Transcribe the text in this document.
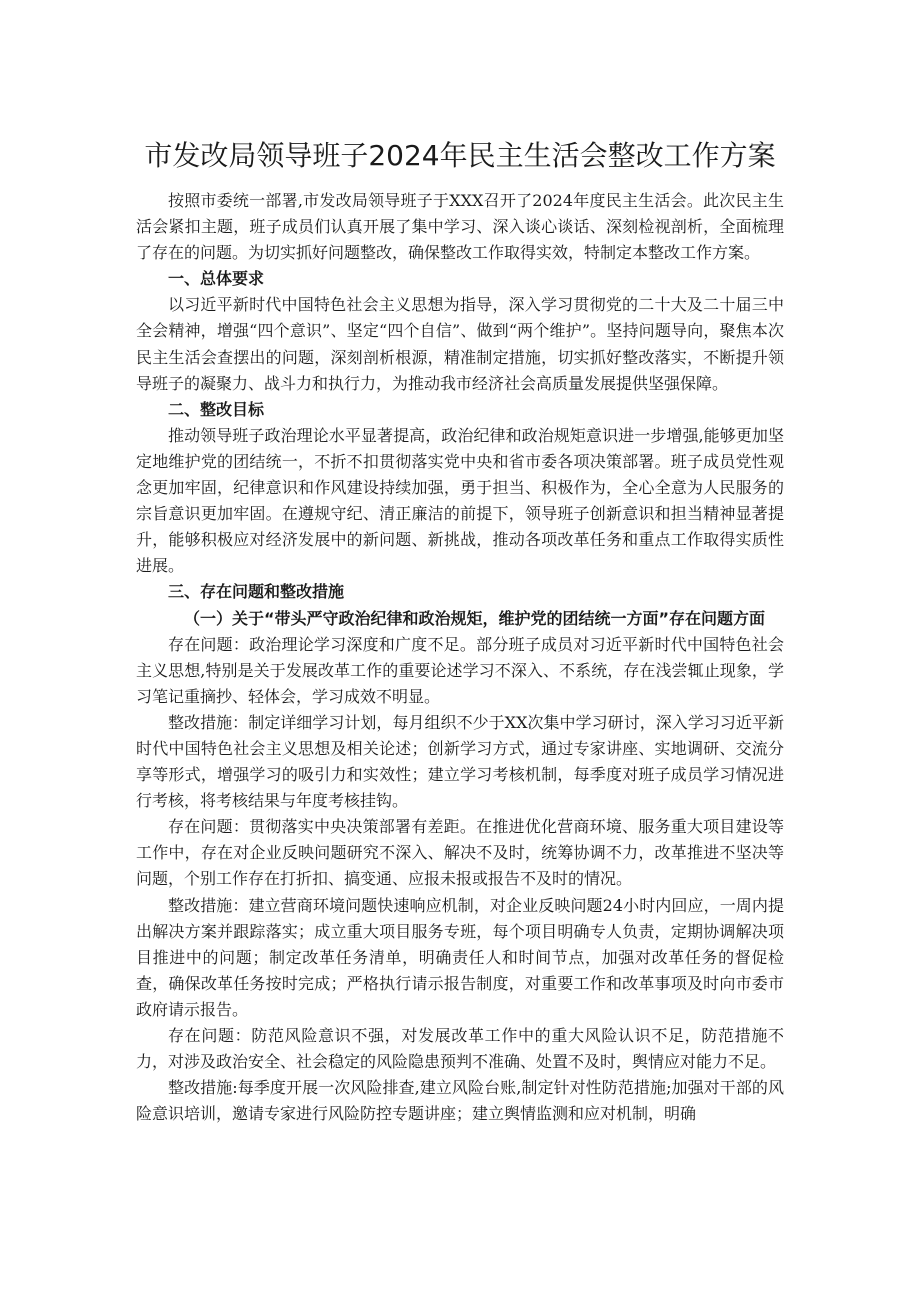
市发改局领导班子2024年民主生活会整改工作方案

按照市委统一部署,市发改局领导班子于XXX召开了2024年度民主生活会。此次民主生活会紧扣主题，班子成员们认真开展了集中学习、深入谈心谈话、深刻检视剖析，全面梳理了存在的问题。为切实抓好问题整改，确保整改工作取得实效，特制定本整改工作方案。

一、总体要求

以习近平新时代中国特色社会主义思想为指导，深入学习贯彻党的二十大及二十届三中全会精神，增强“四个意识”、坚定“四个自信”、做到“两个维护”。坚持问题导向，聚焦本次民主生活会查摆出的问题，深刻剖析根源，精准制定措施，切实抓好整改落实，不断提升领导班子的凝聚力、战斗力和执行力，为推动我市经济社会高质量发展提供坚强保障。

二、整改目标

推动领导班子政治理论水平显著提高，政治纪律和政治规矩意识进一步增强,能够更加坚定地维护党的团结统一，不折不扣贯彻落实党中央和省市委各项决策部署。班子成员党性观念更加牢固，纪律意识和作风建设持续加强，勇于担当、积极作为，全心全意为人民服务的宗旨意识更加牢固。在遵规守纪、清正廉洁的前提下，领导班子创新意识和担当精神显著提升，能够积极应对经济发展中的新问题、新挑战，推动各项改革任务和重点工作取得实质性进展。

三、存在问题和整改措施
（一）关于“带头严守政治纪律和政治规矩，维护党的团结统一方面”存在问题方面

存在问题：政治理论学习深度和广度不足。部分班子成员对习近平新时代中国特色社会主义思想,特别是关于发展改革工作的重要论述学习不深入、不系统，存在浅尝辄止现象，学习笔记重摘抄、轻体会，学习成效不明显。

整改措施：制定详细学习计划，每月组织不少于XX次集中学习研讨，深入学习习近平新时代中国特色社会主义思想及相关论述；创新学习方式，通过专家讲座、实地调研、交流分享等形式，增强学习的吸引力和实效性；建立学习考核机制，每季度对班子成员学习情况进行考核，将考核结果与年度考核挂钩。

存在问题：贯彻落实中央决策部署有差距。在推进优化营商环境、服务重大项目建设等工作中，存在对企业反映问题研究不深入、解决不及时，统筹协调不力，改革推进不坚决等问题，个别工作存在打折扣、搞变通、应报未报或报告不及时的情况。

整改措施：建立营商环境问题快速响应机制，对企业反映问题24小时内回应，一周内提出解决方案并跟踪落实；成立重大项目服务专班，每个项目明确专人负责，定期协调解决项目推进中的问题；制定改革任务清单，明确责任人和时间节点，加强对改革任务的督促检查，确保改革任务按时完成；严格执行请示报告制度，对重要工作和改革事项及时向市委市政府请示报告。

存在问题：防范风险意识不强，对发展改革工作中的重大风险认识不足，防范措施不力，对涉及政治安全、社会稳定的风险隐患预判不准确、处置不及时，舆情应对能力不足。

整改措施:每季度开展一次风险排查,建立风险台账,制定针对性防范措施;加强对干部的风险意识培训，邀请专家进行风险防控专题讲座；建立舆情监测和应对机制，明确
